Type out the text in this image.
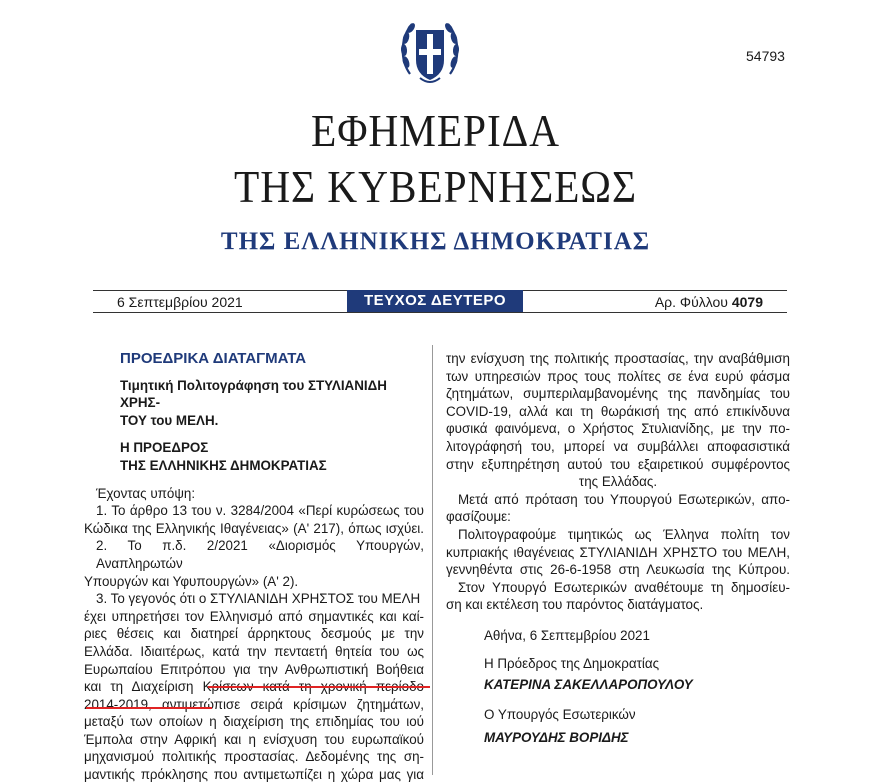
54793
ΕΦΗΜΕΡΙΔΑ
ΤΗΣ ΚΥΒΕΡΝΗΣΕΩΣ
ΤΗΣ ΕΛΛΗΝΙΚΗΣ ΔΗΜΟΚΡΑΤΙΑΣ
6 Σεπτεμβρίου 2021	ΤΕΥΧΟΣ ΔΕΥΤΕΡΟ	Αρ. Φύλλου 4079

ΠΡΟΕΔΡΙΚΑ ΔΙΑΤΑΓΜΑΤΑ

Τιμητική Πολιτογράφηση του ΣΤΥΛΙΑΝΙΔΗ ΧΡΗΣ-

ΤΟΥ του ΜΕΛΗ.

Η ΠΡΟΕΔΡΟΣ

ΤΗΣ ΕΛΛΗΝΙΚΗΣ ΔΗΜΟΚΡΑΤΙΑΣ

Έχοντας υπόψη:

1. Το άρθρο 13 του ν. 3284/2004 «Περί κυρώσεως του

Κώδικα της Ελληνικής Ιθαγένειας» (Α' 217), όπως ισχύει.

2. Το π.δ. 2/2021 «Διορισμός Υπουργών, Αναπληρωτών

Υπουργών και Υφυπουργών» (Α' 2).

3. Το γεγονός ότι ο ΣΤΥΛΙΑΝΙΔΗ ΧΡΗΣΤΟΣ του ΜΕΛΗ

έχει υπηρετήσει τον Ελληνισμό από σημαντικές και καί-

ριες θέσεις και διατηρεί άρρηκτους δεσμούς με την

Ελλάδα. Ιδιαιτέρως, κατά την πενταετή θητεία του ως

Ευρωπαίου Επιτρόπου για την Ανθρωπιστική Βοήθεια

και τη Διαχείριση Κρίσεων κατά τη χρονική περίοδο

2014-2019, αντιμετώπισε σειρά κρίσιμων ζητημάτων,

μεταξύ των οποίων η διαχείριση της επιδημίας του ιού

Έμπολα στην Αφρική και η ενίσχυση του ευρωπαϊκού

μηχανισμού πολιτικής προστασίας. Δεδομένης της ση-

μαντικής πρόκλησης που αντιμετωπίζει η χώρα μας για

την ενίσχυση της πολιτικής προστασίας, την αναβάθμιση

των υπηρεσιών προς τους πολίτες σε ένα ευρύ φάσμα

ζητημάτων, συμπεριλαμβανομένης της πανδημίας του

COVID-19, αλλά και τη θωράκισή της από επικίνδυνα

φυσικά φαινόμενα, ο Χρήστος Στυλιανίδης, με την πο-

λιτογράφησή του, μπορεί να συμβάλλει αποφασιστικά

στην εξυπηρέτηση αυτού του εξαιρετικού συμφέροντος

της Ελλάδας.

Μετά από πρόταση του Υπουργού Εσωτερικών, απο-

φασίζουμε:

Πολιτογραφούμε τιμητικώς ως Έλληνα πολίτη τον

κυπριακής ιθαγένειας ΣΤΥΛΙΑΝΙΔΗ ΧΡΗΣΤΟ του ΜΕΛΗ,

γεννηθέντα στις 26-6-1958 στη Λευκωσία της Κύπρου.

Στον Υπουργό Εσωτερικών αναθέτουμε τη δημοσίευ-

ση και εκτέλεση του παρόντος διατάγματος.

Αθήνα, 6 Σεπτεμβρίου 2021
Η Πρόεδρος της Δημοκρατίας
ΚΑΤΕΡΙΝΑ ΣΑΚΕΛΛΑΡΟΠΟΥΛΟΥ
Ο Υπουργός Εσωτερικών
ΜΑΥΡΟΥΔΗΣ ΒΟΡΙΔΗΣ
